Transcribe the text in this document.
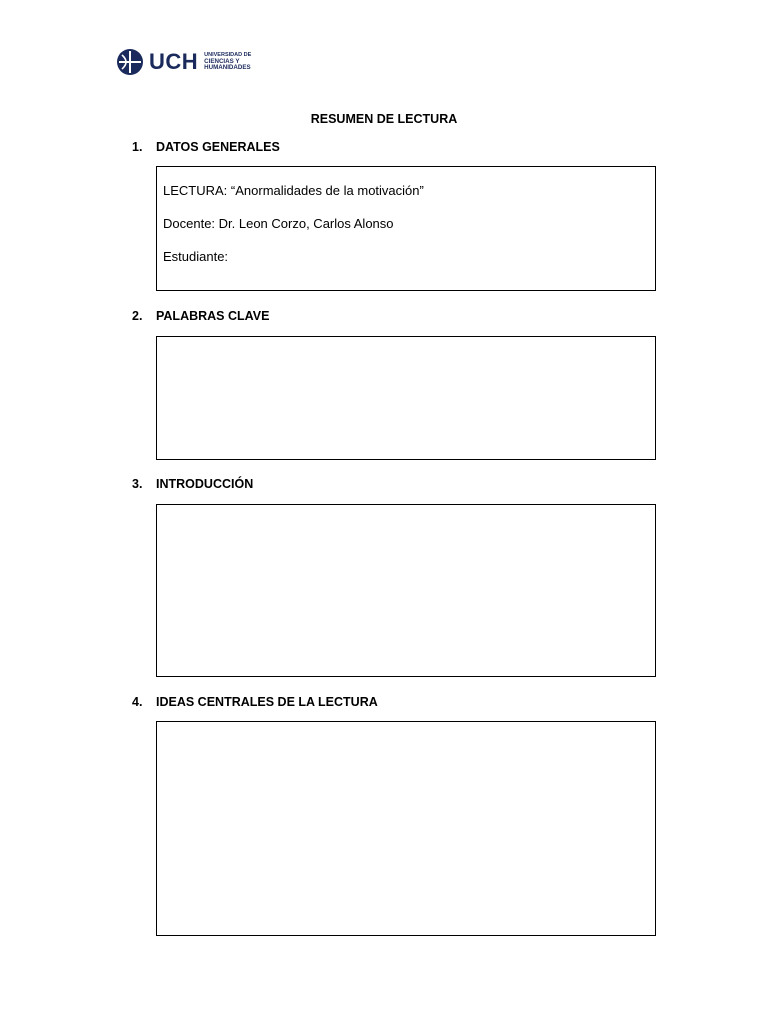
UCH UNIVERSIDAD DE
CIENCIAS Y
HUMANIDADES
RESUMEN DE LECTURA
1.	DATOS GENERALES
LECTURA: “Anormalidades de la motivación”
Docente: Dr. Leon Corzo, Carlos Alonso
Estudiante:
2.	PALABRAS CLAVE
3.	INTRODUCCIÓN
4.	IDEAS CENTRALES DE LA LECTURA
